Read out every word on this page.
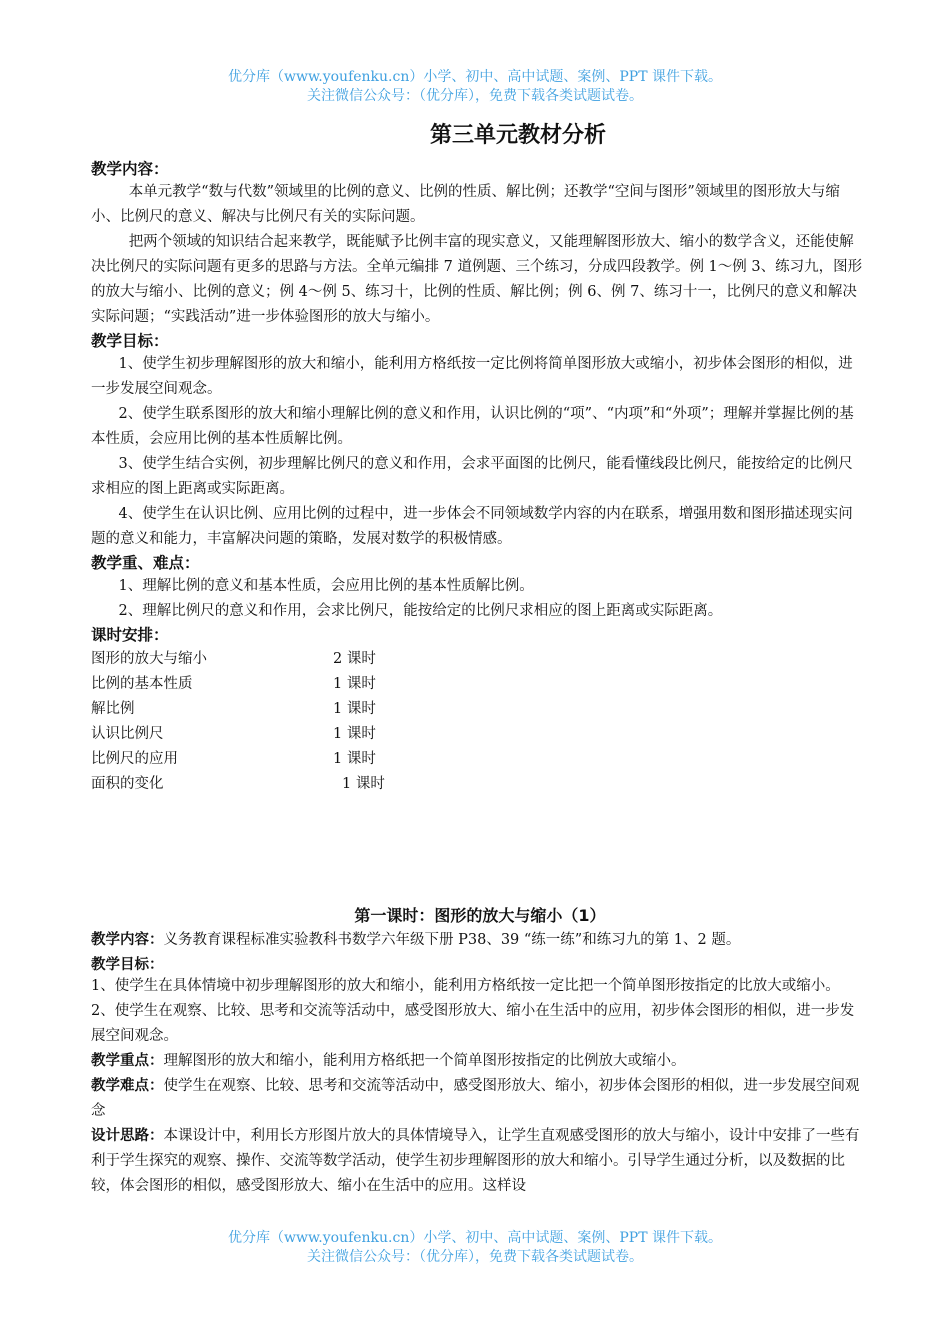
优分库（www.youfenku.cn）小学、初中、高中试题、案例、PPT 课件下载。
关注微信公众号：（优分库），免费下载各类试题试卷。
第三单元教材分析
教学内容：

本单元教学“数与代数”领域里的比例的意义、比例的性质、解比例；还教学“空间与图形”领域里的图形放大与缩小、比例尺的意义、解决与比例尺有关的实际问题。

把两个领域的知识结合起来教学，既能赋予比例丰富的现实意义，又能理解图形放大、缩小的数学含义，还能使解决比例尺的实际问题有更多的思路与方法。全单元编排 7 道例题、三个练习，分成四段教学。例 1～例 3、练习九，图形的放大与缩小、比例的意义；例 4～例 5、练习十，比例的性质、解比例；例 6、例 7、练习十一，比例尺的意义和解决实际问题；“实践活动”进一步体验图形的放大与缩小。

教学目标：

1、使学生初步理解图形的放大和缩小，能利用方格纸按一定比例将简单图形放大或缩小，初步体会图形的相似，进一步发展空间观念。

2、使学生联系图形的放大和缩小理解比例的意义和作用，认识比例的“项”、“内项”和“外项”；理解并掌握比例的基本性质，会应用比例的基本性质解比例。

3、使学生结合实例，初步理解比例尺的意义和作用，会求平面图的比例尺，能看懂线段比例尺，能按给定的比例尺求相应的图上距离或实际距离。

4、使学生在认识比例、应用比例的过程中，进一步体会不同领域数学内容的内在联系，增强用数和图形描述现实问题的意义和能力，丰富解决问题的策略，发展对数学的积极情感。

教学重、难点：

1、理解比例的意义和基本性质，会应用比例的基本性质解比例。

2、理解比例尺的意义和作用，会求比例尺，能按给定的比例尺求相应的图上距离或实际距离。

课时安排：
图形的放大与缩小	2 课时
比例的基本性质	1 课时
解比例	1 课时
认识比例尺	1 课时
比例尺的应用	1 课时
面积的变化	1 课时
第一课时：图形的放大与缩小（1）

教学内容：义务教育课程标准实验教科书数学六年级下册 P38、39 “练一练”和练习九的第 1、2 题。

教学目标：

1、使学生在具体情境中初步理解图形的放大和缩小，能利用方格纸按一定比把一个简单图形按指定的比放大或缩小。

2、使学生在观察、比较、思考和交流等活动中，感受图形放大、缩小在生活中的应用，初步体会图形的相似，进一步发展空间观念。

教学重点：理解图形的放大和缩小，能利用方格纸把一个简单图形按指定的比例放大或缩小。

教学难点：使学生在观察、比较、思考和交流等活动中，感受图形放大、缩小，初步体会图形的相似，进一步发展空间观念

设计思路：本课设计中，利用长方形图片放大的具体情境导入，让学生直观感受图形的放大与缩小，设计中安排了一些有利于学生探究的观察、操作、交流等数学活动，使学生初步理解图形的放大和缩小。引导学生通过分析，以及数据的比较，体会图形的相似，感受图形放大、缩小在生活中的应用。这样设

优分库（www.youfenku.cn）小学、初中、高中试题、案例、PPT 课件下载。
关注微信公众号：（优分库），免费下载各类试题试卷。
